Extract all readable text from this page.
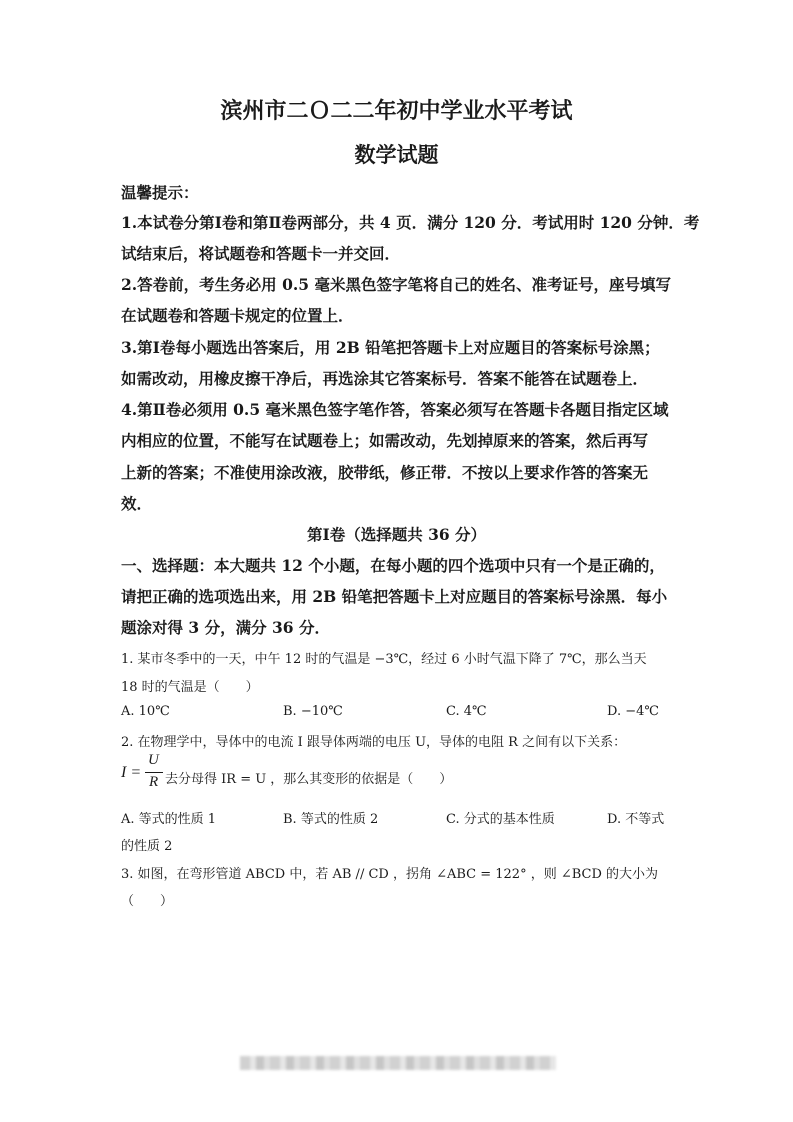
滨州市二Ｏ二二年初中学业水平考试
数学试题
温馨提示：
1.本试卷分第Ⅰ卷和第Ⅱ卷两部分，共 4 页．满分 120 分．考试用时 120 分钟．考
试结束后，将试题卷和答题卡一并交回．
2.答卷前，考生务必用 0.5 毫米黑色签字笔将自己的姓名、准考证号，座号填写
在试题卷和答题卡规定的位置上．
3.第Ⅰ卷每小题选出答案后，用 2B 铅笔把答题卡上对应题目的答案标号涂黑；
如需改动，用橡皮擦干净后，再选涂其它答案标号．答案不能答在试题卷上．
4.第Ⅱ卷必须用 0.5 毫米黑色签字笔作答，答案必须写在答题卡各题目指定区域
内相应的位置，不能写在试题卷上；如需改动，先划掉原来的答案，然后再写
上新的答案；不准使用涂改液，胶带纸，修正带．不按以上要求作答的答案无
效．
第Ⅰ卷（选择题共 36 分）
一、选择题：本大题共 12 个小题，在每小题的四个选项中只有一个是正确的，
请把正确的选项选出来，用 2B 铅笔把答题卡上对应题目的答案标号涂黑．每小
题涂对得 3 分，满分 36 分．
1. 某市冬季中的一天，中午 12 时的气温是 −3℃，经过 6 小时气温下降了 7℃，那么当天
18 时的气温是（　　）
A. 10℃	B. −10℃	C. 4℃	D. −4℃
2. 在物理学中，导体中的电流 I 跟导体两端的电压 U，导体的电阻 R 之间有以下关系：
I =
U
R 去分母得 IR = U ，那么其变形的依据是（　　）
A. 等式的性质 1	B. 等式的性质 2	C. 分式的基本性质	D. 不等式
的性质 2
3. 如图，在弯形管道 ABCD 中，若 AB // CD ，拐角 ∠ABC = 122° ，则 ∠BCD 的大小为
（　　）
